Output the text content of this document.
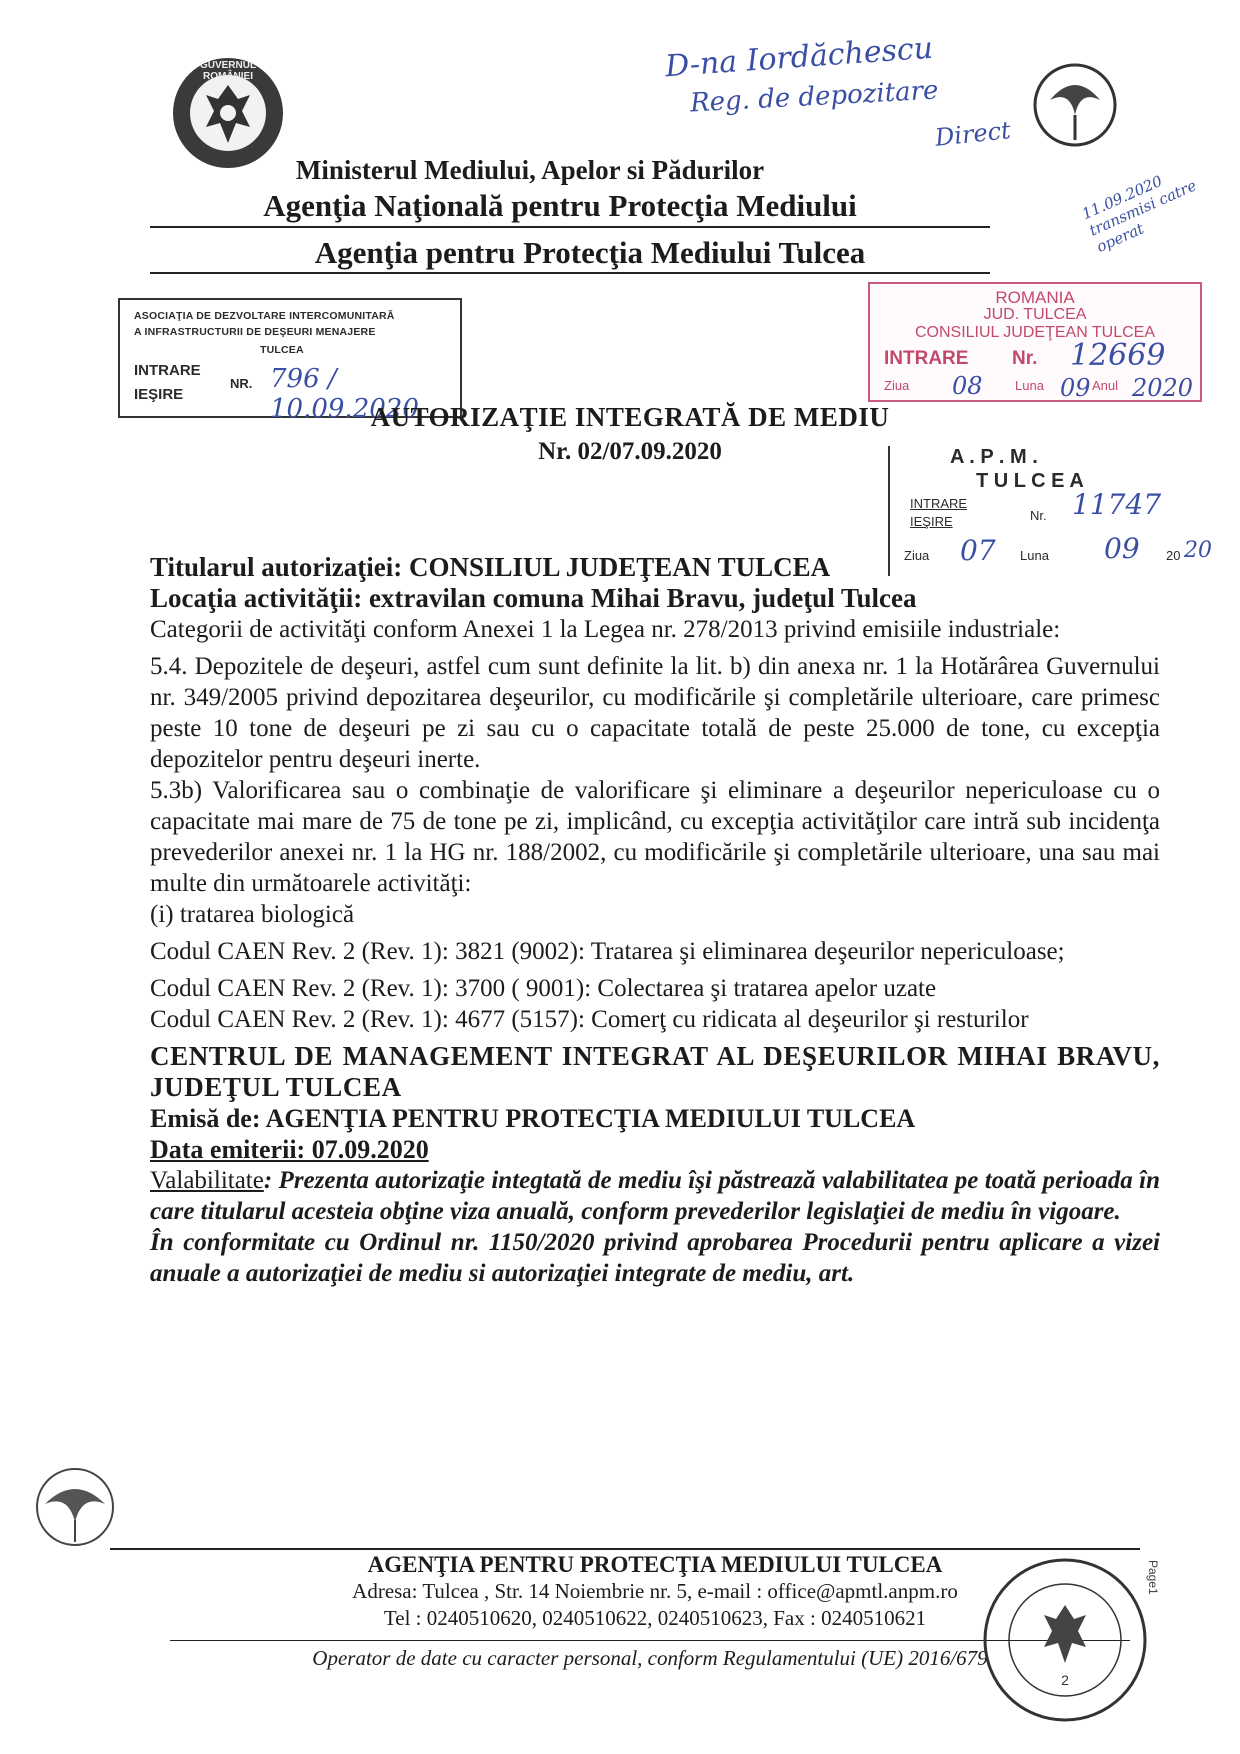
GUVERNUL ROMÂNIEI	D-na Iordăchescu
Reg. de depozitare
Direct
11.09.2020 transmisi catre operat
Ministerul Mediului, Apelor si Pădurilor
Agenţia Naţională pentru Protecţia Mediului
Agenţia pentru Protecţia Mediului Tulcea
ASOCIAŢIA DE DEZVOLTARE INTERCOMUNITARĂ
A INFRASTRUCTURII DE DEŞEURI MENAJERE
TULCEA
INTRARE
IEŞIRE
NR. 796 / 10.09.2020
ROMANIA
JUD. TULCEA
CONSILIUL JUDEŢEAN TULCEA
INTRARE Nr. 12669
Ziua	Luna	Anul
08	09 2020
AUTORIZAŢIE INTEGRATĂ DE MEDIU
Nr. 02/07.09.2020	A . P . M .
T U L C E A
INTRARE
IEŞIRE	Nr. 11747
Ziua 07 Luna 09 20 20

Titularul autorizaţiei: CONSILIUL JUDEŢEAN TULCEA

Locaţia activităţii: extravilan comuna Mihai Bravu, judeţul Tulcea

Categorii de activităţi conform Anexei 1 la Legea nr. 278/2013 privind emisiile industriale:

5.4. Depozitele de deşeuri, astfel cum sunt definite la lit. b) din anexa nr. 1 la Hotărârea Guvernului nr. 349/2005 privind depozitarea deşeurilor, cu modificările şi completările ulterioare, care primesc peste 10 tone de deşeuri pe zi sau cu o capacitate totală de peste 25.000 de tone, cu excepţia depozitelor pentru deşeuri inerte.

5.3b) Valorificarea sau o combinaţie de valorificare şi eliminare a deşeurilor nepericuloase cu o capacitate mai mare de 75 de tone pe zi, implicând, cu excepţia activităţilor care intră sub incidenţa prevederilor anexei nr. 1 la HG nr. 188/2002, cu modificările şi completările ulterioare, una sau mai multe din următoarele activităţi:

(i) tratarea biologică

Codul CAEN Rev. 2 (Rev. 1): 3821 (9002): Tratarea şi eliminarea deşeurilor nepericuloase;

Codul CAEN Rev. 2 (Rev. 1): 3700 ( 9001): Colectarea şi tratarea apelor uzate

Codul CAEN Rev. 2 (Rev. 1): 4677 (5157): Comerţ cu ridicata al deşeurilor şi resturilor

CENTRUL DE MANAGEMENT INTEGRAT AL DEŞEURILOR MIHAI BRAVU, JUDEŢUL TULCEA

Emisă de: AGENŢIA PENTRU PROTECŢIA MEDIULUI TULCEA

Data emiterii: 07.09.2020

Valabilitate: Prezenta autorizaţie integtată de mediu îşi păstrează valabilitatea pe toată perioada în care titularul acesteia obţine viza anuală, conform prevederilor legislaţiei de mediu în vigoare.

În conformitate cu Ordinul nr. 1150/2020 privind aprobarea Procedurii pentru aplicare a vizei anuale a autorizaţiei de mediu si autorizaţiei integrate de mediu, art.

AGENŢIA PENTRU PROTECŢIA MEDIULUI TULCEA
Adresa: Tulcea , Str. 14 Noiembrie nr. 5, e-mail : office@apmtl.anpm.ro
Tel : 0240510620, 0240510622, 0240510623, Fax : 0240510621
Operator de date cu caracter personal, conform Regulamentului (UE) 2016/679
Page1
2
